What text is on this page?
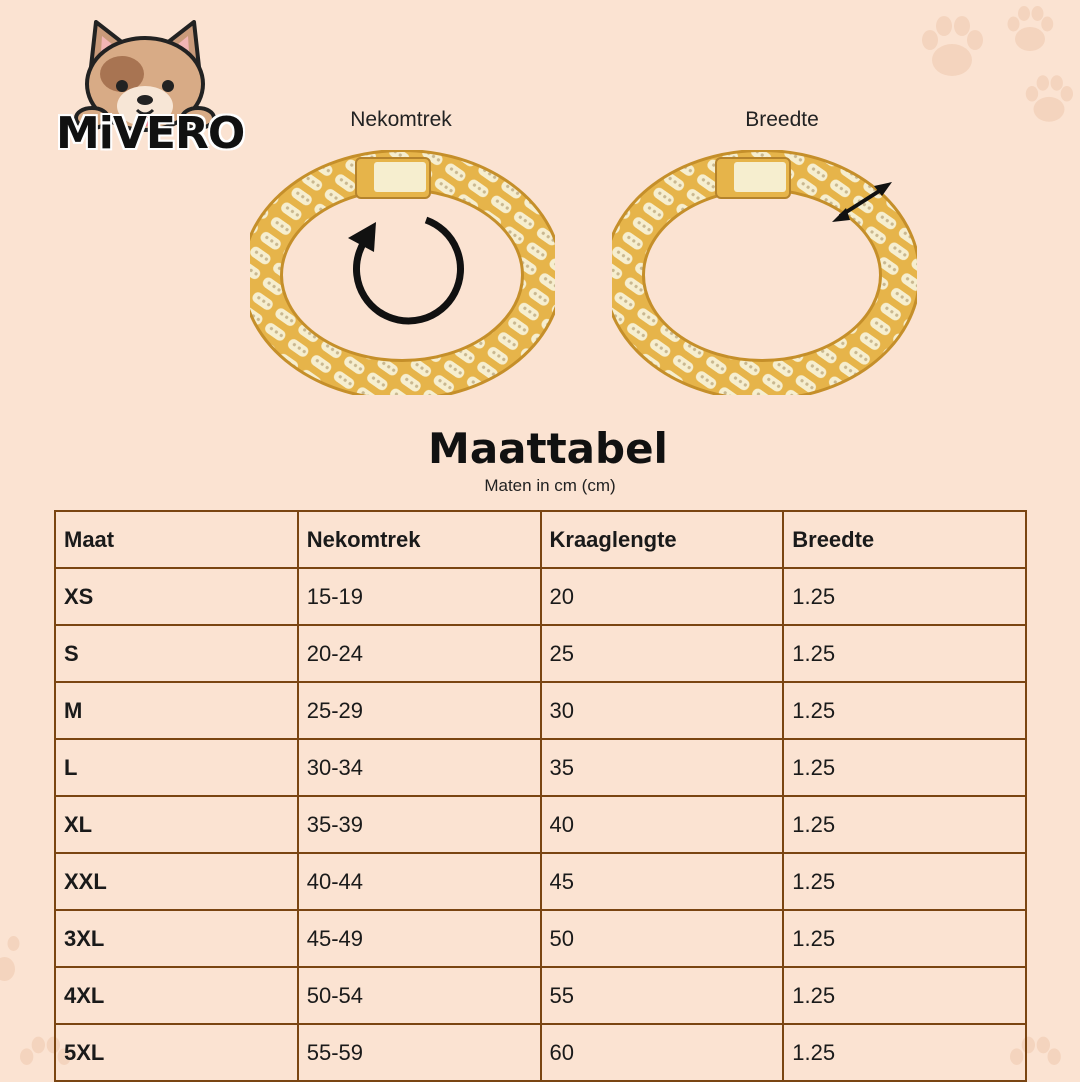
MiVERO	Nekomtrek	Breedte
Maattabel
Maten in cm (cm)
Maat	Nekomtrek	Kraaglengte	Breedte
XS	15-19	20	1.25
S	20-24	25	1.25
M	25-29	30	1.25
L	30-34	35	1.25
XL	35-39	40	1.25
XXL	40-44	45	1.25
3XL	45-49	50	1.25
4XL	50-54	55	1.25
5XL	55-59	60	1.25
